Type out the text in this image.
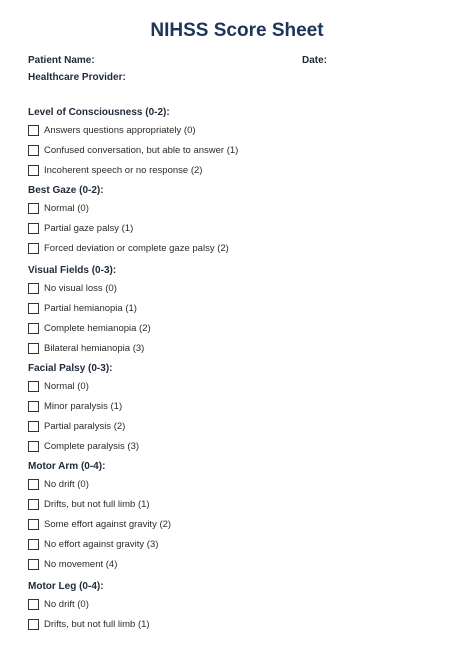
NIHSS Score Sheet
Patient Name:	Date:
Healthcare Provider:
Level of Consciousness (0-2):
Answers questions appropriately (0)
Confused conversation, but able to answer (1)
Incoherent speech or no response (2)
Best Gaze (0-2):
Normal (0)
Partial gaze palsy (1)
Forced deviation or complete gaze palsy (2)
Visual Fields (0-3):
No visual loss (0)
Partial hemianopia (1)
Complete hemianopia (2)
Bilateral hemianopia (3)
Facial Palsy (0-3):
Normal (0)
Minor paralysis (1)
Partial paralysis (2)
Complete paralysis (3)
Motor Arm (0-4):
No drift (0)
Drifts, but not full limb (1)
Some effort against gravity (2)
No effort against gravity (3)
No movement (4)
Motor Leg (0-4):
No drift (0)
Drifts, but not full limb (1)
